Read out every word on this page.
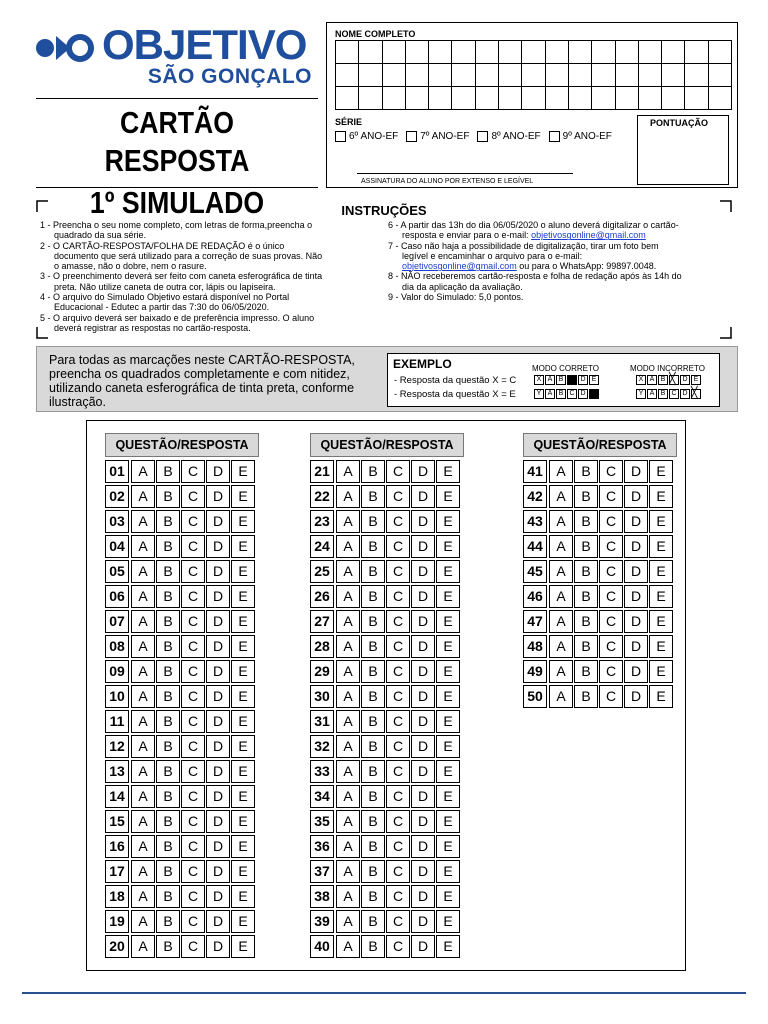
OBJETIVO
SÃO GONÇALO
CARTÃO RESPOSTA
1º SIMULADO
NOME COMPLETO
SÉRIE
6º ANO-EF 7º ANO-EF 8º ANO-EF 9º ANO-EF
ASSINATURA DO ALUNO POR EXTENSO E LEGÍVEL
PONTUAÇÃO
INSTRUÇÕES

1 - Preencha o seu nome completo, com letras de forma,preencha o

quadrado da sua série.

2 - O CARTÃO-RESPOSTA/FOLHA DE REDAÇÃO é o único

documento que será utilizado para a correção de suas provas. Não

o amasse, não o dobre, nem o rasure.

3 - O preenchimento deverá ser feito com caneta esferográfica de tinta

preta. Não utilize caneta de outra cor, lápis ou lapiseira.

4 - O arquivo do Simulado Objetivo estará disponível no Portal

Educacional - Edutec a partir das 7:30 do 06/05/2020.

5 - O arquivo deverá ser baixado e de preferência impresso. O aluno

deverá registrar as respostas no cartão-resposta.

6 - A partir das 13h do dia 06/05/2020 o aluno deverá digitalizar o cartão-

resposta e enviar para o e-mail: objetivosgonline@gmail.com

7 - Caso não haja a possibilidade de digitalização, tirar um foto bem

legível e encaminhar o arquivo para o e-mail:

objetivosgonline@gmail.com ou para o WhatsApp: 99897.0048.

8 - NÃO receberemos cartão-resposta e folha de redação após às 14h do

dia da aplicação da avaliação.

9 - Valor do Simulado: 5,0 pontos.

Para todas as marcações neste CARTÃO-RESPOSTA, preencha os quadrados completamente e com nitidez, utilizando caneta esferográfica de tinta preta, conforme ilustração.
EXEMPLO	MODO CORRETO	MODO INCORRETO
- Resposta da questão X = C
- Resposta da questão X = E
X A B	D E
Y A B C D
X A B
╳	D E
Y A B C D
╳
QUESTÃO/RESPOSTA
01 A	B	C	D	E
02 A	B	C	D	E
03 A	B	C	D	E
04 A	B	C	D	E
05 A	B	C	D	E
06 A	B	C	D	E
07 A	B	C	D	E
08 A	B	C	D	E
09 A	B	C	D	E
10 A	B	C	D	E
11 A	B	C	D	E
12 A	B	C	D	E
13 A	B	C	D	E
14 A	B	C	D	E
15 A	B	C	D	E
16 A	B	C	D	E
17 A	B	C	D	E
18 A	B	C	D	E
19 A	B	C	D	E
20 A	B	C	D	E
QUESTÃO/RESPOSTA
21 A	B	C	D	E
22 A	B	C	D	E
23 A	B	C	D	E
24 A	B	C	D	E
25 A	B	C	D	E
26 A	B	C	D	E
27 A	B	C	D	E
28 A	B	C	D	E
29 A	B	C	D	E
30 A	B	C	D	E
31 A	B	C	D	E
32 A	B	C	D	E
33 A	B	C	D	E
34 A	B	C	D	E
35 A	B	C	D	E
36 A	B	C	D	E
37 A	B	C	D	E
38 A	B	C	D	E
39 A	B	C	D	E
40 A	B	C	D	E
QUESTÃO/RESPOSTA
41 A	B	C	D	E
42 A	B	C	D	E
43 A	B	C	D	E
44 A	B	C	D	E
45 A	B	C	D	E
46 A	B	C	D	E
47 A	B	C	D	E
48 A	B	C	D	E
49 A	B	C	D	E
50 A	B	C	D	E
